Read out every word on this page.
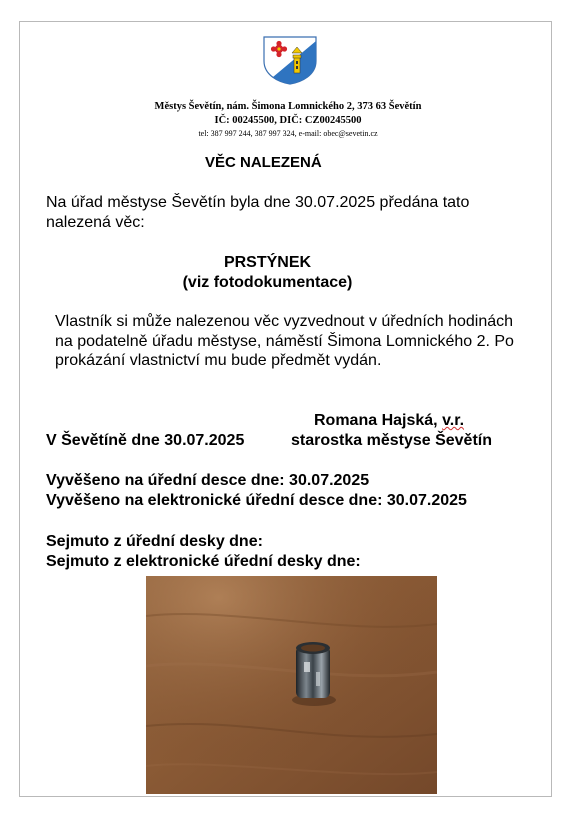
Městys Ševětín, nám. Šimona Lomnického 2, 373 63 Ševětín
IČ: 00245500, DIČ: CZ00245500
tel: 387 997 244, 387 997 324, e-mail: obec@sevetin.cz
VĚC NALEZENÁ
Na úřad městyse Ševětín byla dne 30.07.2025 předána tato nalezená věc:
PRSTÝNEK
(viz fotodokumentace)
Vlastník si může nalezenou věc vyzvednout v úředních hodinách na podatelně úřadu městyse, náměstí Šimona Lomnického 2. Po prokázání vlastnictví mu bude předmět vydán.
Romana Hajská, v.r.
V Ševětíně dne 30.07.2025	starostka městyse Ševětín
Vyvěšeno na úřední desce dne: 30.07.2025
Vyvěšeno na elektronické úřední desce dne: 30.07.2025
Sejmuto z úřední desky dne:
Sejmuto z elektronické úřední desky dne:
